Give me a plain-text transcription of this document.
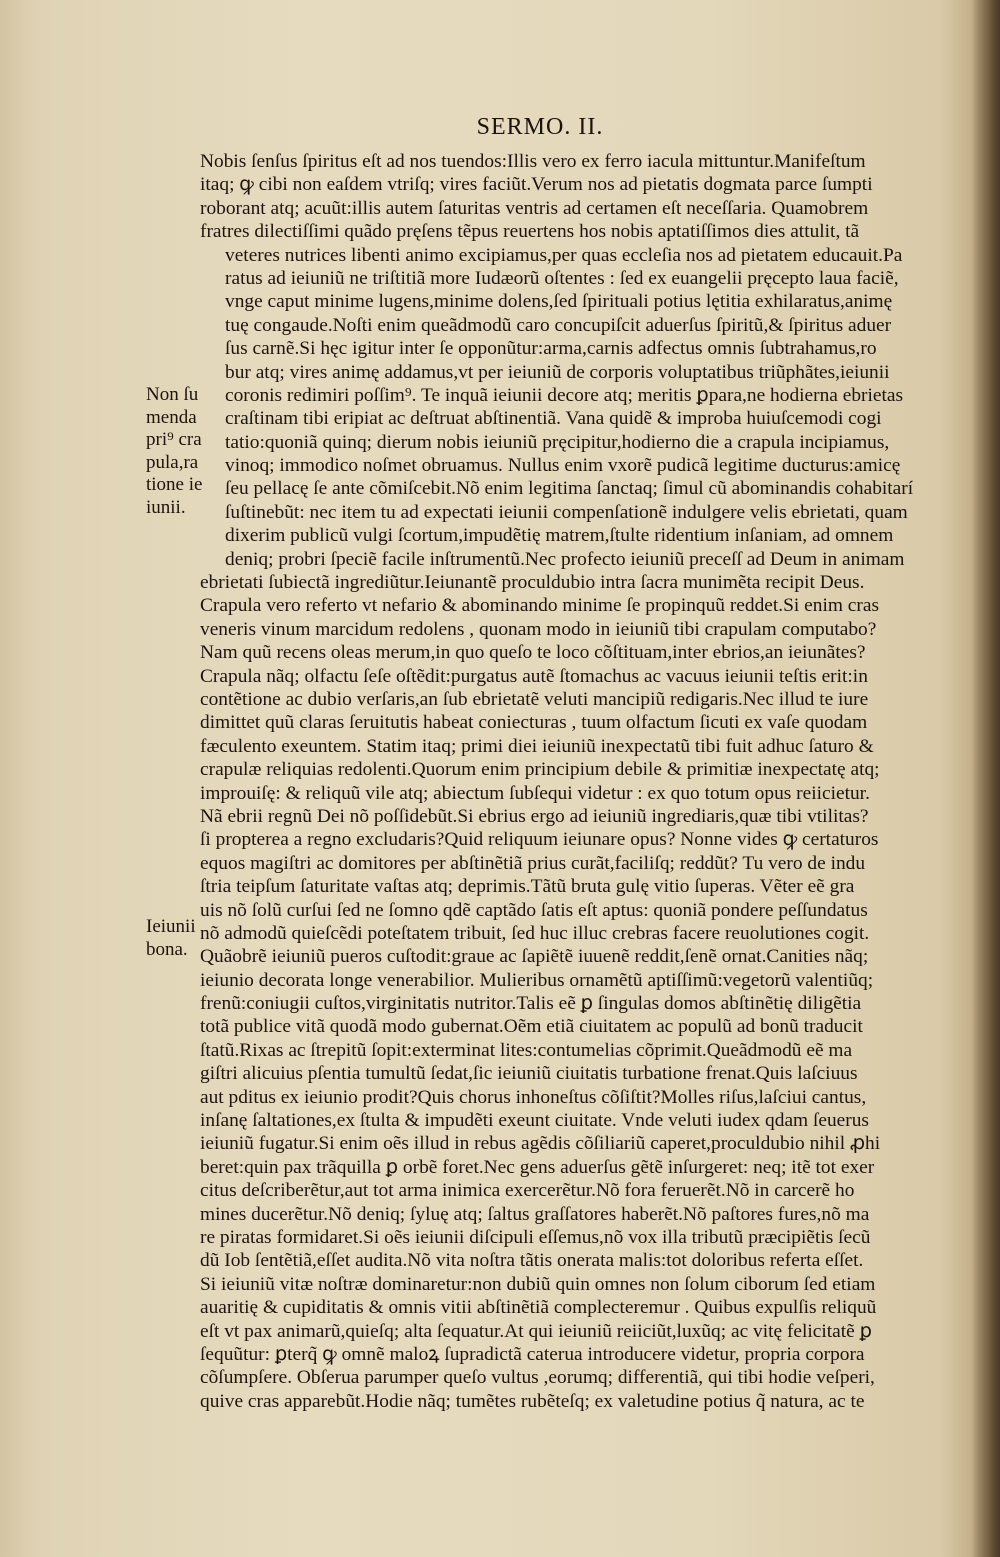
SERMO. II.
Nobis ſenſus ſpiritus eſt ad nos tuendos:Illis vero ex ferro iacula mittuntur.Manifeſtum
itaq; ꝙ cibi non eaſdem vtriſq; vires faciũt.Verum nos ad pietatis dogmata parce ſumpti
roborant atq; acuũt:illis autem ſaturitas ventris ad certamen eſt neceſſaria. Quamobrem
fratres dilectiſſimi quãdo pręſens tẽpus reuertens hos nobis aptatiſſimos dies attulit, tã
veteres nutrices libenti animo excipiamus,per quas eccleſia nos ad pietatem educauit.Pa
ratus ad ieiuniũ ne triſtitiã more Iudæorũ oſtentes : ſed ex euangelii pręcepto laua faciẽ,
vnge caput minime lugens,minime dolens,ſed ſpirituali potius lętitia exhilaratus,animę
tuę congaude.Noſti enim queãdmodũ caro concupiſcit aduerſus ſpiritũ,& ſpiritus aduer
ſus carnẽ.Si hęc igitur inter ſe opponũtur:arma,carnis adfectus omnis ſubtrahamus,ro
bur atq; vires animę addamus,vt per ieiuniũ de corporis voluptatibus triũphãtes,ieiunii
coronis redimiri poſſim⁹. Te inquã ieiunii decore atq; meritis ꝑpara,ne hodierna ebrietas
craſtinam tibi eripiat ac deſtruat abſtinentiã. Vana quidẽ & improba huiuſcemodi cogi
tatio:quoniã quinq; dierum nobis ieiuniũ pręcipitur,hodierno die a crapula incipiamus,
vinoq; immodico noſmet obruamus. Nullus enim vxorẽ pudicã legitime ducturus:amicę
ſeu pellacę ſe ante cõmiſcebit.Nõ enim legitima ſanctaq; ſimul cũ abominandis cohabitarí
ſuſtinebũt: nec item tu ad expectati ieiunii compenſationẽ indulgere velis ebrietati, quam
dixerim publicũ vulgi ſcortum,impudẽtię matrem,ſtulte ridentium inſaniam, ad omnem
deniq; probri ſpeciẽ facile inſtrumentũ.Nec profecto ieiuniũ preceſſ ad Deum in animam
ebrietati ſubiectã ingrediũtur.Ieiunantẽ proculdubio intra ſacra munimẽta recipit Deus.
Crapula vero referto vt nefario & abominando minime ſe propinquũ reddet.Si enim cras
veneris vinum marcidum redolens , quonam modo in ieiuniũ tibi crapulam computabo?
Nam quũ recens oleas merum,in quo queſo te loco cõſtituam,inter ebrios,an ieiunãtes?
Crapula nãq; olfactu ſeſe oſtẽdit:purgatus autẽ ſtomachus ac vacuus ieiunii teſtis erit:in
contẽtione ac dubio verſaris,an ſub ebrietatẽ veluti mancipiũ redigaris.Nec illud te iure
dimittet quũ claras ſeruitutis habeat coniecturas , tuum olfactum ſicuti ex vaſe quodam
fæculento exeuntem. Statim itaq; primi diei ieiuniũ inexpectatũ tibi fuit adhuc ſaturo &
crapulæ reliquias redolenti.Quorum enim principium debile & primitiæ inexpectatę atq;
improuiſę: & reliquũ vile atq; abiectum ſubſequi videtur : ex quo totum opus reiicietur.
Nã ebrii regnũ Dei nõ poſſidebũt.Si ebrius ergo ad ieiuniũ ingrediaris,quæ tibi vtilitas?
ſi propterea a regno excludaris?Quid reliquum ieiunare opus? Nonne vides ꝙ certaturos
equos magiſtri ac domitores per abſtinẽtiã prius curãt,faciliſq; reddũt? Tu vero de indu
ſtria teipſum ſaturitate vaſtas atq; deprimis.Tãtũ bruta gulę vitio ſuperas. Vẽter eẽ gra
uis nõ ſolũ curſui ſed ne ſomno qdẽ captãdo ſatis eſt aptus: quoniã pondere peſſundatus
nõ admodũ quieſcẽdi poteſtatem tribuit, ſed huc illuc crebras facere reuolutiones cogit.
Quãobrẽ ieiuniũ pueros cuſtodit:graue ac ſapiẽtẽ iuuenẽ reddit,ſenẽ ornat.Canities nãq;
ieiunio decorata longe venerabilior. Mulieribus ornamẽtũ aptiſſimũ:vegetorũ valentiũq;
frenũ:coniugii cuſtos,virginitatis nutritor.Talis eẽ ꝑ ſingulas domos abſtinẽtię diligẽtia
totã publice vitã quodã modo gubernat.Oẽm etiã ciuitatem ac populũ ad bonũ traducit
ſtatũ.Rixas ac ſtrepitũ ſopit:exterminat lites:contumelias cõprimit.Queãdmodũ eẽ ma
giſtri alicuius pſentia tumultũ ſedat,ſic ieiuniũ ciuitatis turbatione frenat.Quis laſciuus
aut pditus ex ieiunio prodit?Quis chorus inhoneſtus cõſiſtit?Molles riſus,laſciui cantus,
inſanę ſaltationes,ex ſtulta & impudẽti exeunt ciuitate. Vnde veluti iudex qdam ſeuerus
ieiuniũ fugatur.Si enim oẽs illud in rebus agẽdis cõſiliariũ caperet,proculdubio nihil ꝓhi
beret:quin pax trãquilla ꝑ orbẽ foret.Nec gens aduerſus gẽtẽ inſurgeret: neq; itẽ tot exer
citus deſcriberẽtur,aut tot arma inimica exercerẽtur.Nõ fora feruerẽt.Nõ in carcerẽ ho
mines ducerẽtur.Nõ deniq; ſyluę atq; ſaltus graſſatores haberẽt.Nõ paſtores fures,nõ ma
re piratas formidaret.Si oẽs ieiunii diſcipuli eſſemus,nõ vox illa tributũ præcipiẽtis ſecũ
dũ Iob ſentẽtiã,eſſet audita.Nõ vita noſtra tãtis onerata malis:tot doloribus referta eſſet.
Si ieiuniũ vitæ noſtræ dominaretur:non dubiũ quin omnes non ſolum ciborum ſed etiam
auaritię & cupiditatis & omnis vitii abſtinẽtiã complecteremur . Quibus expulſis reliquũ
eſt vt pax animarũ,quieſq; alta ſequatur.At qui ieiuniũ reiiciũt,luxũq; ac vitę felicitatẽ ꝑ
ſequũtur: ꝑterq̃ ꝙ omnẽ maloꝝ ſupradictã caterua introducere videtur, propria corpora
cõſumpſere. Obſerua parumper queſo vultus ,eorumq; differentiã, qui tibi hodie veſperi,
quive cras apparebũt.Hodie nãq; tumẽtes rubẽteſq; ex valetudine potius q̃ natura, ac te
Non ſu
menda
pri⁹ cra
pula,ra
tione ie
iunii.
Ieiunii
bona.
